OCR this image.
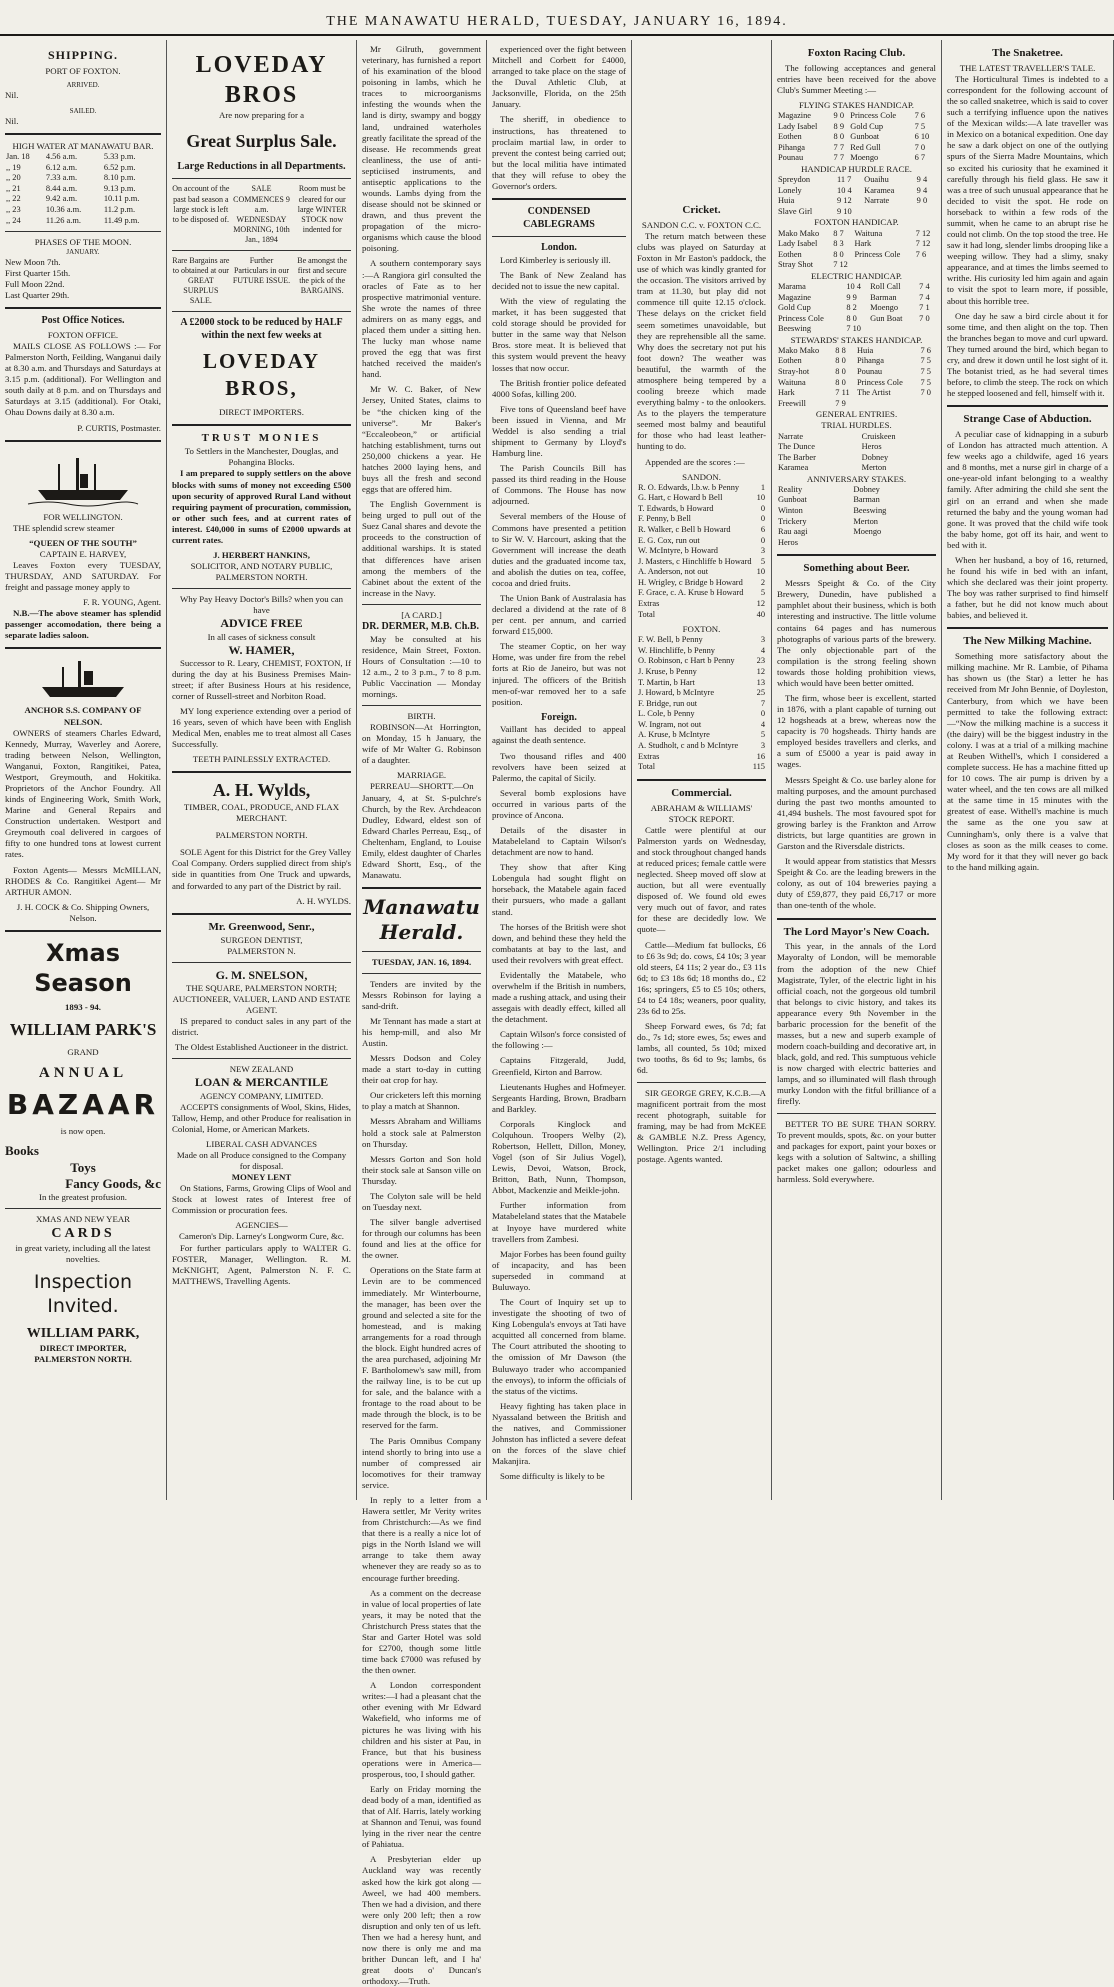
THE MANAWATU HERALD, TUESDAY, JANUARY 16, 1894.
SHIPPING.
PORT OF FOXTON.
ARRIVED.
Nil.
SAILED.
Nil.
HIGH WATER AT MANAWATU BAR.
Jan. 18	4.56 a.m.	5.33 p.m.
,, 19	6.12 a.m.	6.52 p.m.
,, 20	7.33 a.m.	8.10 p.m.
,, 21	8.44 a.m.	9.13 p.m.
,, 22	9.42 a.m.	10.11 p.m.
,, 23	10.36 a.m.	11.2 p.m.
,, 24	11.26 a.m.	11.49 p.m.
PHASES OF THE MOON.
JANUARY.
New Moon 7th.
First Quarter 15th.
Full Moon 22nd.
Last Quarter 29th.
Post Office Notices.
FOXTON OFFICE.
MAILS CLOSE AS FOLLOWS :— For Palmerston North, Feilding, Wanganui daily at 8.30 a.m. and Thursdays and Saturdays at 3.15 p.m. (additional). For Wellington and south daily at 8 p.m. and on Thursdays and Saturdays at 3.15 (additional). For Otaki, Ohau Downs daily at 8.30 a.m.
P. CURTIS, Postmaster.
FOR WELLINGTON.
THE splendid screw steamer
“QUEEN OF THE SOUTH”
CAPTAIN E. HARVEY,
Leaves Foxton every TUESDAY, THURSDAY, AND SATURDAY. For freight and passage money apply to
F. R. YOUNG, Agent.
N.B.—The above steamer has splendid passenger accomodation, there being a separate ladies saloon.
ANCHOR S.S. COMPANY OF NELSON.
OWNERS of steamers Charles Edward, Kennedy, Murray, Waverley and Aorere, trading between Nelson, Wellington, Wanganui, Foxton, Rangitikei, Patea, Westport, Greymouth, and Hokitika. Proprietors of the Anchor Foundry. All kinds of Engineering Work, Smith Work, Marine and General Repairs and Construction undertaken. Westport and Greymouth coal delivered in cargoes of fifty to one hundred tons at lowest current rates.
Foxton Agents— Messrs McMILLAN, RHODES & Co. Rangitikei Agent— Mr ARTHUR AMON.
J. H. COCK & Co. Shipping Owners, Nelson.
Xmas Season
1893 - 94.
WILLIAM PARK'S
GRAND
ANNUAL
BAZAAR
is now open.
Books
Toys
Fancy Goods, &c
In the greatest profusion.
XMAS AND NEW YEAR
CARDS
in great variety, including all the latest novelties.
Inspection Invited.
WILLIAM PARK,
DIRECT IMPORTER,
PALMERSTON NORTH.
LOVEDAY BROS
Are now preparing for a
Great Surplus Sale.
Large Reductions in all Departments.
On account of the past bad season a large stock is left to be disposed of.
SALE COMMENCES 9 a.m. WEDNESDAY MORNING, 10th Jan., 1894
Room must be cleared for our large WINTER STOCK now indented for
Rare Bargains are to obtained at our GREAT SURPLUS SALE.
Further Particulars in our FUTURE ISSUE.
Be amongst the first and secure the pick of the BARGAINS.
A £2000 stock to be reduced by HALF within the next few weeks at
LOVEDAY BROS,
DIRECT IMPORTERS.
TRUST MONIES
To Settlers in the Manchester, Douglas, and Pohangina Blocks.
I am prepared to supply settlers on the above blocks with sums of money not exceeding £500 upon security of approved Rural Land without requiring payment of procuration, commission, or other such fees, and at current rates of interest. £40,000 in sums of £2000 upwards at current rates.
J. HERBERT HANKINS,
SOLICITOR, AND NOTARY PUBLIC, PALMERSTON NORTH.
Why Pay Heavy Doctor's Bills? when you can have
ADVICE FREE
In all cases of sickness consult
W. HAMER,
Successor to R. Leary, CHEMIST, FOXTON, If during the day at his Business Premises Main-street; if after Business Hours at his residence, corner of Russell-street and Norbiton Road.
MY long experience extending over a period of 16 years, seven of which have been with English Medical Men, enables me to treat almost all Cases Successfully.
TEETH PAINLESSLY EXTRACTED.
A. H. Wylds,
TIMBER, COAL, PRODUCE, AND FLAX MERCHANT.
PALMERSTON NORTH.
SOLE Agent for this District for the Grey Valley Coal Company. Orders supplied direct from ship's side in quantities from One Truck and upwards, and forwarded to any part of the District by rail.
A. H. WYLDS.
Mr. Greenwood, Senr.,
SURGEON DENTIST,
PALMERSTON N.
G. M. SNELSON,
THE SQUARE, PALMERSTON NORTH; AUCTIONEER, VALUER, LAND AND ESTATE AGENT.
IS prepared to conduct sales in any part of the district.
The Oldest Established Auctioneer in the district.
NEW ZEALAND
LOAN & MERCANTILE
AGENCY COMPANY, LIMITED.
ACCEPTS consignments of Wool, Skins, Hides, Tallow, Hemp, and other Produce for realisation in Colonial, Home, or American Markets.
LIBERAL CASH ADVANCES
Made on all Produce consigned to the Company for disposal.
MONEY LENT
On Stations, Farms, Growing Clips of Wool and Stock at lowest rates of Interest free of Commission or procuration fees.
AGENCIES—
Cameron's Dip. Larney's Longworm Cure, &c.
For further particulars apply to WALTER G. FOSTER, Manager, Wellington. R. M. McKNIGHT, Agent, Palmerston N. F. C. MATTHEWS, Travelling Agents.
Mr Gilruth, government veterinary, has furnished a report of his examination of the blood poisoning in lambs, which he traces to microorganisms infesting the wounds when the land is dirty, swampy and boggy land, undrained waterholes greatly facilitate the spread of the disease. He recommends great cleanliness, the use of anti-septiciised instruments, and antiseptic applications to the wounds. Lambs dying from the disease should not be skinned or drawn, and thus prevent the propagation of the micro-organisms which cause the blood poisoning.
A southern contemporary says :—A Rangiora girl consulted the oracles of Fate as to her prospective matrimonial venture. She wrote the names of three admirers on as many eggs, and placed them under a sitting hen. The lucky man whose name proved the egg that was first hatched received the maiden's hand.
Mr W. C. Baker, of New Jersey, United States, claims to be “the chicken king of the universe”. Mr Baker's “Eccaleobeon,” or artificial hatching establishment, turns out 250,000 chickens a year. He hatches 2000 laying hens, and buys all the fresh and second eggs that are offered him.
The English Government is being urged to pull out of the Suez Canal shares and devote the proceeds to the construction of additional warships. It is stated that differences have arisen among the members of the Cabinet about the extent of the increase in the Navy.
[A CARD.]
DR. DERMER, M.B. Ch.B.
May be consulted at his residence, Main Street, Foxton. Hours of Consultation :—10 to 12 a.m., 2 to 3 p.m., 7 to 8 p.m. Public Vaccination — Monday mornings.
BIRTH.
ROBINSON—At Horrington, on Monday, 15 h January, the wife of Mr Walter G. Robinson of a daughter.
MARRIAGE.
PERREAU—SHORTT.—On January, 4, at St. S-pulchre's Church, by the Rev. Archdeacon Dudley, Edward, eldest son of Edward Charles Perreau, Esq., of Cheltenham, England, to Louise Emily, eldest daughter of Charles Edward Shortt, Esq., of the Manawatu.
Manawatu Herald.
TUESDAY, JAN. 16, 1894.
Tenders are invited by the Messrs Robinson for laying a sand-drift.
Mr Tennant has made a start at his hemp-mill, and also Mr Austin.
Messrs Dodson and Coley made a start to-day in cutting their oat crop for hay.
Our cricketers left this morning to play a match at Shannon.
Messrs Abraham and Williams hold a stock sale at Palmerston on Thursday.
Messrs Gorton and Son hold their stock sale at Sanson ville on Thursday.
The Colyton sale will be held on Tuesday next.
The silver bangle advertised for through our columns has been found and lies at the office for the owner.
Operations on the State farm at Levin are to be commenced immediately. Mr Winterbourne, the manager, has been over the ground and selected a site for the homestead, and is making arrangements for a road through the block. Eight hundred acres of the area purchased, adjoining Mr F. Bartholomew's saw mill, from the railway line, is to be cut up for sale, and the balance with a frontage to the road about to be made through the block, is to be reserved for the farm.
The Paris Omnibus Company intend shortly to bring into use a number of compressed air locomotives for their tramway service.
In reply to a letter from a Hawera settler, Mr Verity writes from Christchurch:—As we find that there is a really a nice lot of pigs in the North Island we will arrange to take them away whenever they are ready so as to encourage further breeding.
As a comment on the decrease in value of local properties of late years, it may be noted that the Christchurch Press states that the Star and Garter Hotel was sold for £2700, though some little time back £7000 was refused by the then owner.
A London correspondent writes:—I had a pleasant chat the other evening with Mr Edward Wakefield, who informs me of pictures he was living with his children and his sister at Pau, in France, but that his business operations were in America—prosperous, too, I should gather.
Early on Friday morning the dead body of a man, identified as that of Alf. Harris, lately working at Shannon and Tenui, was found lying in the river near the centre of Pahiatua.
A Presbyterian elder up Auckland way was recently asked how the kirk got along — Aweel, we had 400 members. Then we had a division, and there were only 200 left; then a row disruption and only ten of us left. Then we had a heresy hunt, and now there is only me and ma brither Duncan left, and I ha' great doots o' Duncan's orthodoxy.—Truth.
experienced over the fight between Mitchell and Corbett for £4000, arranged to take place on the stage of the Duval Athletic Club, at Jacksonville, Florida, on the 25th January.
The sheriff, in obedience to instructions, has threatened to proclaim martial law, in order to prevent the contest being carried out; but the local militia have intimated that they will refuse to obey the Governor's orders.
CONDENSED CABLEGRAMS
London.
Lord Kimberley is seriously ill.
The Bank of New Zealand has decided not to issue the new capital.
With the view of regulating the market, it has been suggested that cold storage should be provided for butter in the same way that Nelson Bros. store meat. It is believed that this system would prevent the heavy losses that now occur.
The British frontier police defeated 4000 Sofas, killing 200.
Five tons of Queensland beef have been issued in Vienna, and Mr Weddel is also sending a trial shipment to Germany by Lloyd's Hamburg line.
The Parish Councils Bill has passed its third reading in the House of Commons. The House has now adjourned.
Several members of the House of Commons have presented a petition to Sir W. V. Harcourt, asking that the Government will increase the death duties and the graduated income tax, and abolish the duties on tea, coffee, cocoa and dried fruits.
The Union Bank of Australasia has declared a dividend at the rate of 8 per cent. per annum, and carried forward £15,000.
The steamer Coptic, on her way Home, was under fire from the rebel forts at Rio de Janeiro, but was not injured. The officers of the British men-of-war removed her to a safe position.
Foreign.
Vaillant has decided to appeal against the death sentence.
Two thousand rifles and 400 revolvers have been seized at Palermo, the capital of Sicily.
Several bomb explosions have occurred in various parts of the province of Ancona.
Details of the disaster in Matabeleland to Captain Wilson's detachment are now to hand.
They show that after King Lobengula had sought flight on horseback, the Matabele again faced their pursuers, who made a gallant stand.
The horses of the British were shot down, and behind these they held the combatants at bay to the last, and used their revolvers with great effect.
Evidentally the Matabele, who overwhelm if the British in numbers, made a rushing attack, and using their assegais with deadly effect, killed all the detachment.
Captain Wilson's force consisted of the following :—
Captains Fitzgerald, Judd, Greenfield, Kirton and Barrow.
Lieutenants Hughes and Hofmeyer. Sergeants Harding, Brown, Bradbarn and Barkley.
Corporals Kinglock and Colquhoun. Troopers Welby (2), Robertson, Hellett, Dillon, Money, Vogel (son of Sir Julius Vogel), Lewis, Devoi, Watson, Brock, Britton, Bath, Nunn, Thompson, Abbot, Mackenzie and Meikle-john.
Further information from Matabeleland states that the Matabele at Inyoye have murdered white travellers from Zambesi.
Major Forbes has been found guilty of incapacity, and has been superseded in command at Buluwayo.
The Court of Inquiry set up to investigate the shooting of two of King Lobengula's envoys at Tati have acquitted all concerned from blame. The Court attributed the shooting to the omission of Mr Dawson (the Buluwayo trader who accompanied the envoys), to inform the officials of the status of the victims.
Heavy fighting has taken place in Nyassaland between the British and the natives, and Commissioner Johnston has inflicted a severe defeat on the forces of the slave chief Makanjira.
Some difficulty is likely to be
Cricket.
SANDON C.C. v. FOXTON C.C.
The return match between these clubs was played on Saturday at Foxton in Mr Easton's paddock, the use of which was kindly granted for the occasion. The visitors arrived by tram at 11.30, but play did not commence till quite 12.15 o'clock. These delays on the cricket field seem sometimes unavoidable, but they are reprehensible all the same. Why does the secretary not put his foot down? The weather was beautiful, the warmth of the atmosphere being tempered by a cooling breeze which made everything balmy - to the onlookers. As to the players the temperature seemed most balmy and beautiful for those who had least leather-hunting to do.
Appended are the scores :—
SANDON.
R. O. Edwards, l.b.w. b Penny	1
G. Hart, c Howard b Bell	10
T. Edwards, b Howard	0
F. Penny, b Bell	0
R. Walker, c Bell b Howard	6
E. G. Cox, run out	0
W. McIntyre, b Howard	3
J. Masters, c Hinchliffe b Howard	5
A. Anderson, not out	10
H. Wrigley, c Bridge b Howard	2
F. Grace, c. A. Kruse b Howard	5
Extras	12
Total	40
FOXTON.
F. W. Bell, b Penny	3
W. Hinchliffe, b Penny	4
O. Robinson, c Hart b Penny	23
J. Kruse, b Penny	12
T. Martin, b Hart	13
J. Howard, b McIntyre	25
F. Bridge, run out	7
L. Cole, b Penny	0
W. Ingram, not out	4
A. Kruse, b McIntyre	5
A. Studholt, c and b McIntyre	3
Extras	16
Total	115
Commercial.
ABRAHAM & WILLIAMS' STOCK REPORT.
Cattle were plentiful at our Palmerston yards on Wednesday, and stock throughout changed hands at reduced prices; female cattle were neglected. Sheep moved off slow at auction, but all were eventually disposed of. We found old ewes very much out of favor, and rates for these are decidedly low. We quote—
Cattle—Medium fat bullocks, £6 to £6 3s 9d; do. cows, £4 10s; 3 year old steers, £4 11s; 2 year do., £3 11s 6d; to £3 18s 6d; 18 months do., £2 16s; springers, £5 to £5 10s; others, £4 to £4 18s; weaners, poor quality, 23s 6d to 25s.
Sheep Forward ewes, 6s 7d; fat do., 7s 1d; store ewes, 5s; ewes and lambs, all counted, 5s 10d; mixed two tooths, 8s 6d to 9s; lambs, 6s 6d.
SIR GEORGE GREY, K.C.B.—A magnificent portrait from the most recent photograph, suitable for framing, may be had from McKEE & GAMBLE N.Z. Press Agency, Wellington. Price 2/1 including postage. Agents wanted.
Foxton Racing Club.
The following acceptances and general entries have been received for the above Club's Summer Meeting :—
FLYING STAKES HANDICAP.
Magazine	9 0	Princess Cole	7 6
Lady Isabel	8 9	Gold Cup	7 5
Eothen	8 0	Gunboat	6 10
Pihanga	7 7	Red Gull	7 0
Pounau	7 7	Moengo	6 7
HANDICAP HURDLE RACE.
Spreydon	11 7	Ouaihu	9 4
Lonely	10 4	Karamea	9 4
Huia	9 12	Narrate	9 0
Slave Girl	9 10		
FOXTON HANDICAP.
Mako Mako	8 7	Waituna	7 12
Lady Isabel	8 3	Hark	7 12
Eothen	8 0	Princess Cole	7 6
Stray Shot	7 12		
ELECTRIC HANDICAP.
Marama	10 4	Roll Call	7 4
Magazine	9 9	Barman	7 4
Gold Cup	8 2	Moengo	7 1
Princess Cole	8 0	Gun Boat	7 0
Beeswing	7 10		
STEWARDS' STAKES HANDICAP.
Mako Mako	8 8	Huia	7 6
Eothen	8 0	Pihanga	7 5
Stray-hot	8 0	Pounau	7 5
Waituna	8 0	Princess Cole	7 5
Hark	7 11	The Artist	7 0
Freewill	7 9		
GENERAL ENTRIES.
TRIAL HURDLES.
Narrate	Cruiskeen
The Dunce	Heros
The Barber	Dobney
Karamea	Merton
ANNIVERSARY STAKES.
Reality	Dobney
Gunboat	Barman
Winton	Beeswing
Trickery	Merton
Rau aagi	Moengo
Heros	
Something about Beer.
Messrs Speight & Co. of the City Brewery, Dunedin, have published a pamphlet about their business, which is both interesting and instructive. The little volume contains 64 pages and has numerous photographs of various parts of the brewery. The only objectionable part of the compilation is the strong feeling shown towards those holding prohibition views, which would have been better omitted.
The firm, whose beer is excellent, started in 1876, with a plant capable of turning out 12 hogsheads at a brew, whereas now the capacity is 70 hogsheads. Thirty hands are employed besides travellers and clerks, and a sum of £5000 a year is paid away in wages.
Messrs Speight & Co. use barley alone for malting purposes, and the amount purchased during the past two months amounted to 41,494 bushels. The most favoured spot for growing barley is the Frankton and Arrow districts, but large quantities are grown in Garston and the Riversdale districts.
It would appear from statistics that Messrs Speight & Co. are the leading brewers in the colony, as out of 104 breweries paying a duty of £59,877, they paid £6,717 or more than one-tenth of the whole.
The Lord Mayor's New Coach.
This year, in the annals of the Lord Mayoralty of London, will be memorable from the adoption of the new Chief Magistrate, Tyler, of the electric light in his official coach, not the gorgeous old tumbril that belongs to civic history, and takes its appearance every 9th November in the barbaric procession for the benefit of the masses, but a new and superb example of modern coach-building and decorative art, in black, gold, and red. This sumptuous vehicle is now charged with electric batteries and lamps, and so illuminated will flash through murky London with the fitful brilliance of a firefly.
BETTER TO BE SURE THAN SORRY. To prevent moulds, spots, &c. on your butter and packages for export, paint your boxes or kegs with a solution of Saltwinc, a shilling packet makes one gallon; odourless and harmless. Sold everywhere.
The Snaketree.
THE LATEST TRAVELLER'S TALE.
The Horticultural Times is indebted to a correspondent for the following account of the so called snaketree, which is said to cover such a terrifying influence upon the natives of the Mexican wilds:—A late traveller was in Mexico on a botanical expedition. One day he saw a dark object on one of the outlying spurs of the Sierra Madre Mountains, which so excited his curiosity that he examined it carefully through his field glass. He saw it was a tree of such unusual appearance that he decided to visit the spot. He rode on horseback to within a few rods of the summit, when he came to an abrupt rise he could not climb. On the top stood the tree. He saw it had long, slender limbs drooping like a weeping willow. They had a slimy, snaky appearance, and at times the limbs seemed to writhe. His curiosity led him again and again to visit the spot to learn more, if possible, about this horrible tree.
One day he saw a bird circle about it for some time, and then alight on the top. Then the branches began to move and curl upward. They turned around the bird, which began to cry, and drew it down until he lost sight of it. The botanist tried, as he had several times before, to climb the steep. The rock on which he stepped loosened and fell, himself with it.
Strange Case of Abduction.
A peculiar case of kidnapping in a suburb of London has attracted much attention. A few weeks ago a childwife, aged 16 years and 8 months, met a nurse girl in charge of a one-year-old infant belonging to a wealthy family. After admiring the child she sent the girl on an errand and when she made returned the baby and the young woman had gone. It was proved that the child wife took the baby home, got off its hair, and went to bed with it.
When her husband, a boy of 16, returned, he found his wife in bed with an infant, which she declared was their joint property. The boy was rather surprised to find himself a father, but he did not know much about babies, and believed it.
The New Milking Machine.
Something more satisfactory about the milking machine. Mr R. Lambie, of Pihama has shown us (the Star) a letter he has received from Mr John Bennie, of Doyleston, Canterbury, from which we have been permitted to take the following extract:—“Now the milking machine is a success it (the dairy) will be the biggest industry in the colony. I was at a trial of a milking machine at Reuben Withell's, which I considered a complete success. He has a machine fitted up for 10 cows. The air pump is driven by a water wheel, and the ten cows are all milked at the same time in 15 minutes with the greatest of ease. Withell's machine is much the same as the one you saw at Cunningham's, only there is a valve that closes as soon as the milk ceases to come. My word for it that they will never go back to the hand milking again.
